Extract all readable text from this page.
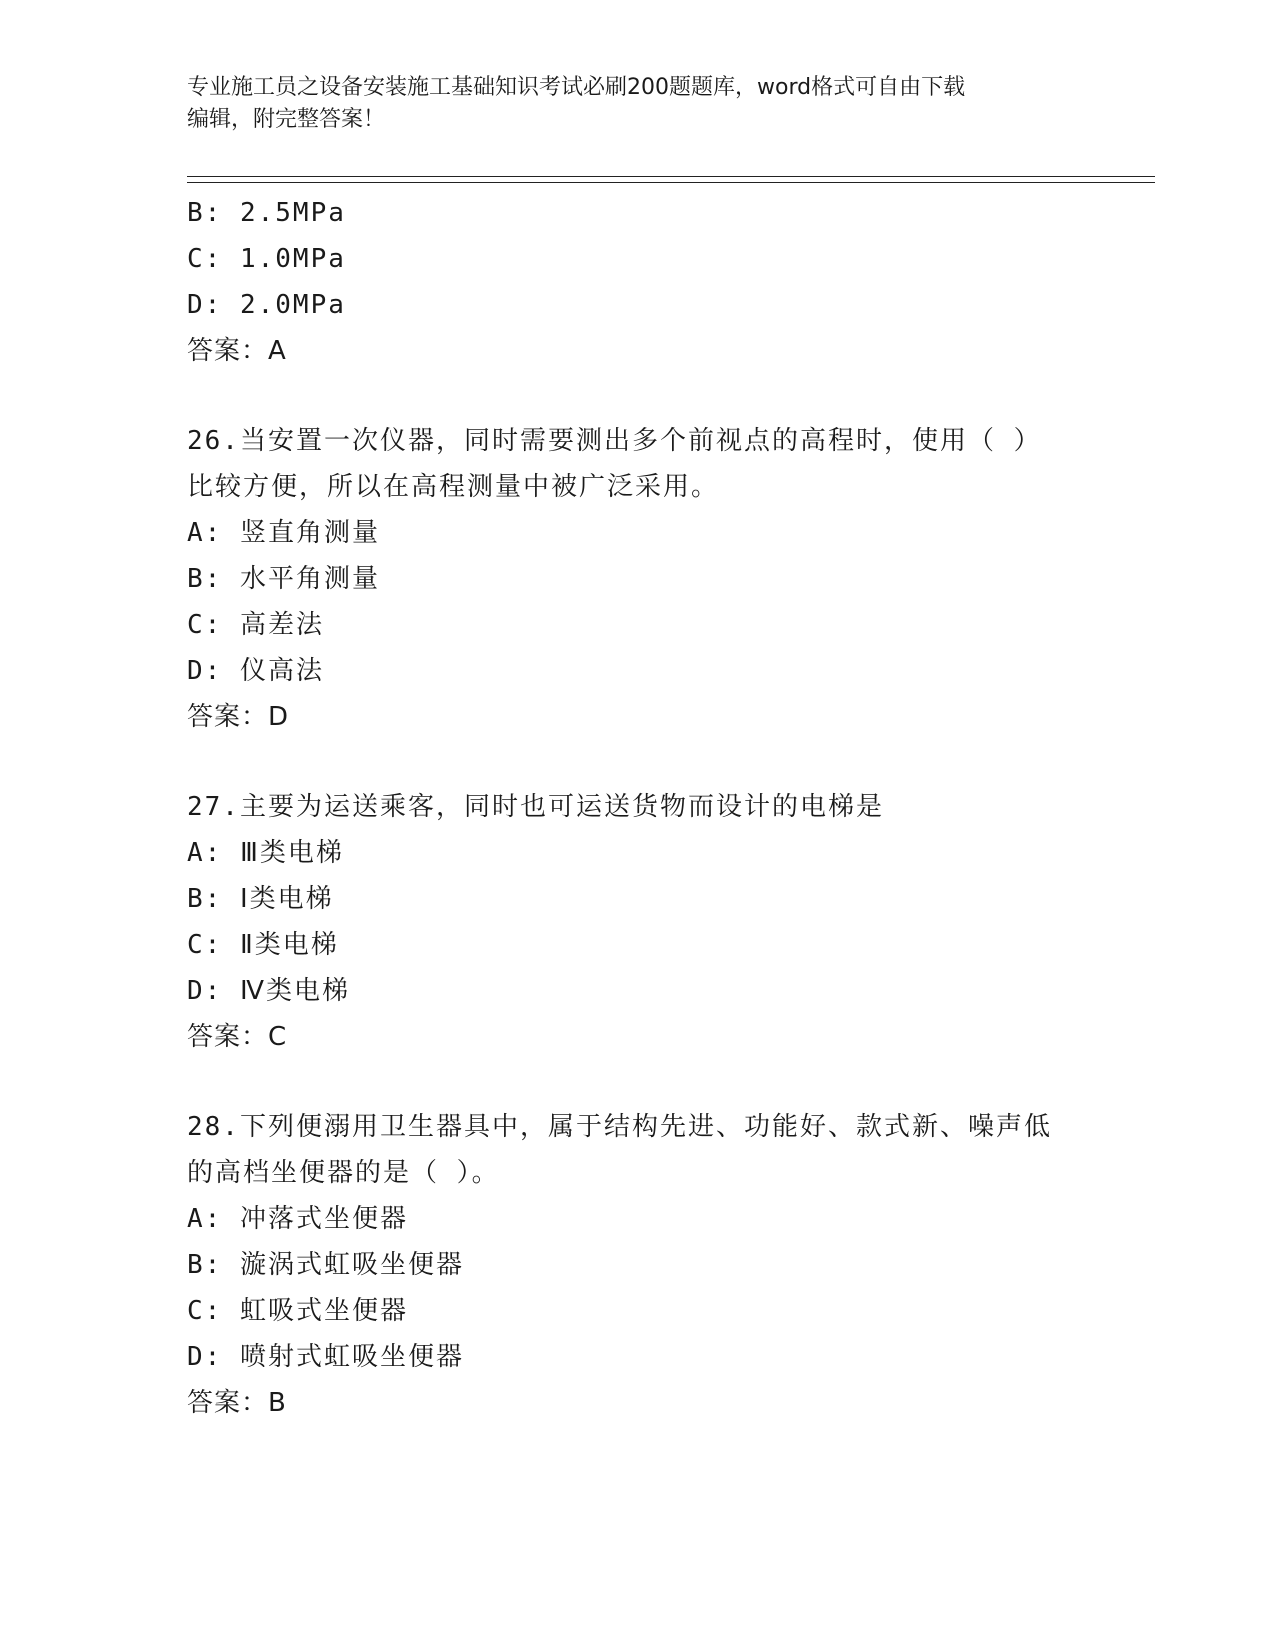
专业施工员之设备安装施工基础知识考试必刷200题题库，word格式可自由下载
编辑，附完整答案！
B: 2.5MPa
C: 1.0MPa
D: 2.0MPa
答案：A
26.当安置一次仪器，同时需要测出多个前视点的高程时，使用（ ）
比较方便，所以在高程测量中被广泛采用。
A: 竖直角测量
B: 水平角测量
C: 高差法
D: 仪高法
答案：D
27.主要为运送乘客，同时也可运送货物而设计的电梯是
A: Ⅲ类电梯
B: Ⅰ类电梯
C: Ⅱ类电梯
D: Ⅳ类电梯
答案：C
28.下列便溺用卫生器具中，属于结构先进、功能好、款式新、噪声低
的高档坐便器的是（ ）。
A: 冲落式坐便器
B: 漩涡式虹吸坐便器
C: 虹吸式坐便器
D: 喷射式虹吸坐便器
答案：B
